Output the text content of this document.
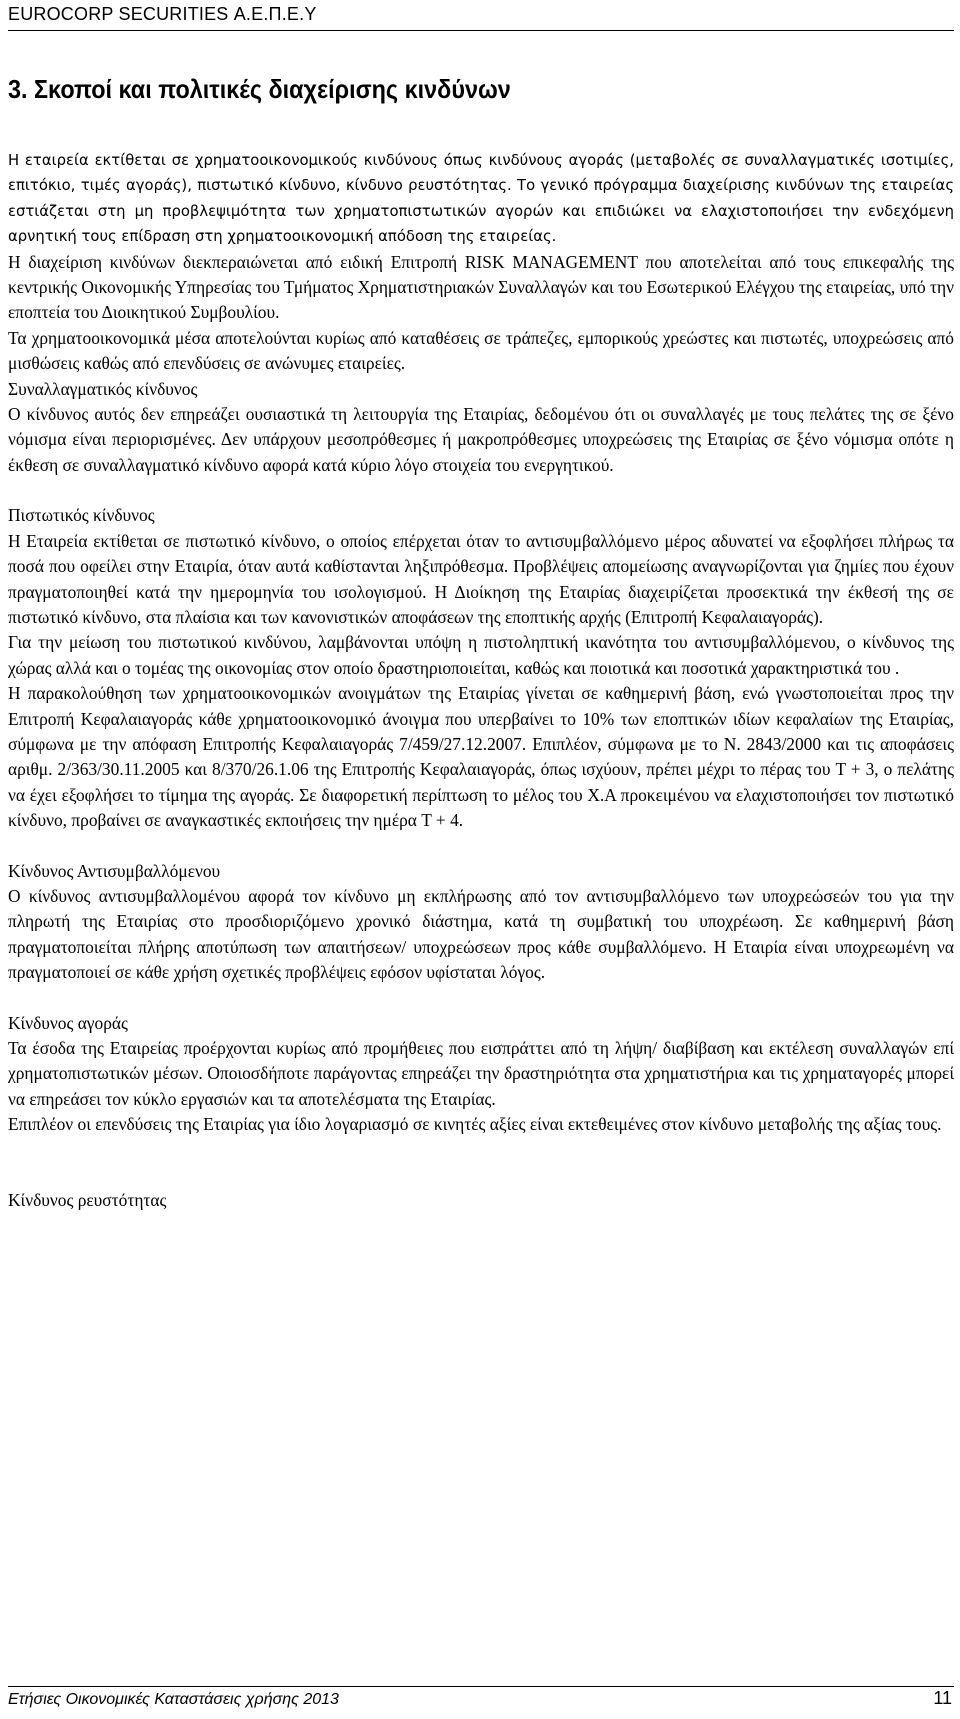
EUROCORP SECURITIES Α.Ε.Π.Ε.Υ
3. Σκοποί και πολιτικές διαχείρισης κινδύνων

Η εταιρεία εκτίθεται σε χρηματοοικονομικούς κινδύνους όπως κινδύνους αγοράς (μεταβολές σε συναλλαγματικές ισοτιμίες, επιτόκιο, τιμές αγοράς), πιστωτικό κίνδυνο, κίνδυνο ρευστότητας. Το γενικό πρόγραμμα διαχείρισης κινδύνων της εταιρείας εστιάζεται στη μη προβλεψιμότητα των χρηματοπιστωτικών αγορών και επιδιώκει να ελαχιστοποιήσει την ενδεχόμενη αρνητική τους επίδραση στη χρηματοοικονομική απόδοση της εταιρείας.

Η διαχείριση κινδύνων διεκπεραιώνεται από ειδική Επιτροπή RISK MANAGEMENT που αποτελείται από τους επικεφαλής της κεντρικής Οικονομικής Υπηρεσίας του Τμήματος Χρηματιστηριακών Συναλλαγών και του Εσωτερικού Ελέγχου της εταιρείας, υπό την εποπτεία του Διοικητικού Συμβουλίου.

Τα χρηματοοικονομικά μέσα αποτελούνται κυρίως από καταθέσεις σε τράπεζες, εμπορικούς χρεώστες και πιστωτές, υποχρεώσεις από μισθώσεις καθώς από επενδύσεις σε ανώνυμες εταιρείες.

Συναλλαγματικός κίνδυνος

Ο κίνδυνος αυτός δεν επηρεάζει ουσιαστικά τη λειτουργία της Εταιρίας, δεδομένου ότι οι συναλλαγές με τους πελάτες της σε ξένο νόμισμα είναι περιορισμένες. Δεν υπάρχουν μεσοπρόθεσμες ή μακροπρόθεσμες υποχρεώσεις της Εταιρίας σε ξένο νόμισμα οπότε η έκθεση σε συναλλαγματικό κίνδυνο αφορά κατά κύριο λόγο στοιχεία του ενεργητικού.

Πιστωτικός κίνδυνος

Η Εταιρεία εκτίθεται σε πιστωτικό κίνδυνο, ο οποίος επέρχεται όταν το αντισυμβαλλόμενο μέρος αδυνατεί να εξοφλήσει πλήρως τα ποσά που οφείλει στην Εταιρία, όταν αυτά καθίστανται ληξιπρόθεσμα. Προβλέψεις απομείωσης αναγνωρίζονται για ζημίες που έχουν πραγματοποιηθεί κατά την ημερομηνία του ισολογισμού. Η Διοίκηση της Εταιρίας διαχειρίζεται προσεκτικά την έκθεσή της σε πιστωτικό κίνδυνο, στα πλαίσια και των κανονιστικών αποφάσεων της εποπτικής αρχής (Επιτροπή Κεφαλαιαγοράς).

Για την μείωση του πιστωτικού κινδύνου, λαμβάνονται υπόψη η πιστοληπτική ικανότητα του αντισυμβαλλόμενου, ο κίνδυνος της χώρας αλλά και ο τομέας της οικονομίας στον οποίο δραστηριοποιείται, καθώς και ποιοτικά και ποσοτικά χαρακτηριστικά του .

Η παρακολούθηση των χρηματοοικονομικών ανοιγμάτων της Εταιρίας γίνεται σε καθημερινή βάση, ενώ γνωστοποιείται προς την Επιτροπή Κεφαλαιαγοράς κάθε χρηματοοικονομικό άνοιγμα που υπερβαίνει το 10% των εποπτικών ιδίων κεφαλαίων της Εταιρίας, σύμφωνα με την απόφαση Επιτροπής Κεφαλαιαγοράς 7/459/27.12.2007. Επιπλέον, σύμφωνα με το Ν. 2843/2000 και τις αποφάσεις αριθμ. 2/363/30.11.2005 και 8/370/26.1.06 της Επιτροπής Κεφαλαιαγοράς, όπως ισχύουν, πρέπει μέχρι το πέρας του T + 3, ο πελάτης να έχει εξοφλήσει το τίμημα της αγοράς. Σε διαφορετική περίπτωση το μέλος του Χ.Α προκειμένου να ελαχιστοποιήσει τον πιστωτικό κίνδυνο, προβαίνει σε αναγκαστικές εκποιήσεις την ημέρα T + 4.

Κίνδυνος Αντισυμβαλλόμενου

Ο κίνδυνος αντισυμβαλλομένου αφορά τον κίνδυνο μη εκπλήρωσης από τον αντισυμβαλλόμενο των υποχρεώσεών του για την πληρωτή της Εταιρίας στο προσδιοριζόμενο χρονικό διάστημα, κατά τη συμβατική του υποχρέωση. Σε καθημερινή βάση πραγματοποιείται πλήρης αποτύπωση των απαιτήσεων/ υποχρεώσεων προς κάθε συμβαλλόμενο. Η Εταιρία είναι υποχρεωμένη να πραγματοποιεί σε κάθε χρήση σχετικές προβλέψεις εφόσον υφίσταται λόγος.

Κίνδυνος αγοράς

Τα έσοδα της Εταιρείας προέρχονται κυρίως από προμήθειες που εισπράττει από τη λήψη/ διαβίβαση και εκτέλεση συναλλαγών επί χρηματοπιστωτικών μέσων. Οποιοσδήποτε παράγοντας επηρεάζει την δραστηριότητα στα χρηματιστήρια και τις χρηματαγορές μπορεί να επηρεάσει τον κύκλο εργασιών και τα αποτελέσματα της Εταιρίας.

Επιπλέον οι επενδύσεις της Εταιρίας για ίδιο λογαριασμό σε κινητές αξίες είναι εκτεθειμένες στον κίνδυνο μεταβολής της αξίας τους.

Κίνδυνος ρευστότητας

Ετήσιες Οικονομικές Καταστάσεις χρήσης 2013	11
